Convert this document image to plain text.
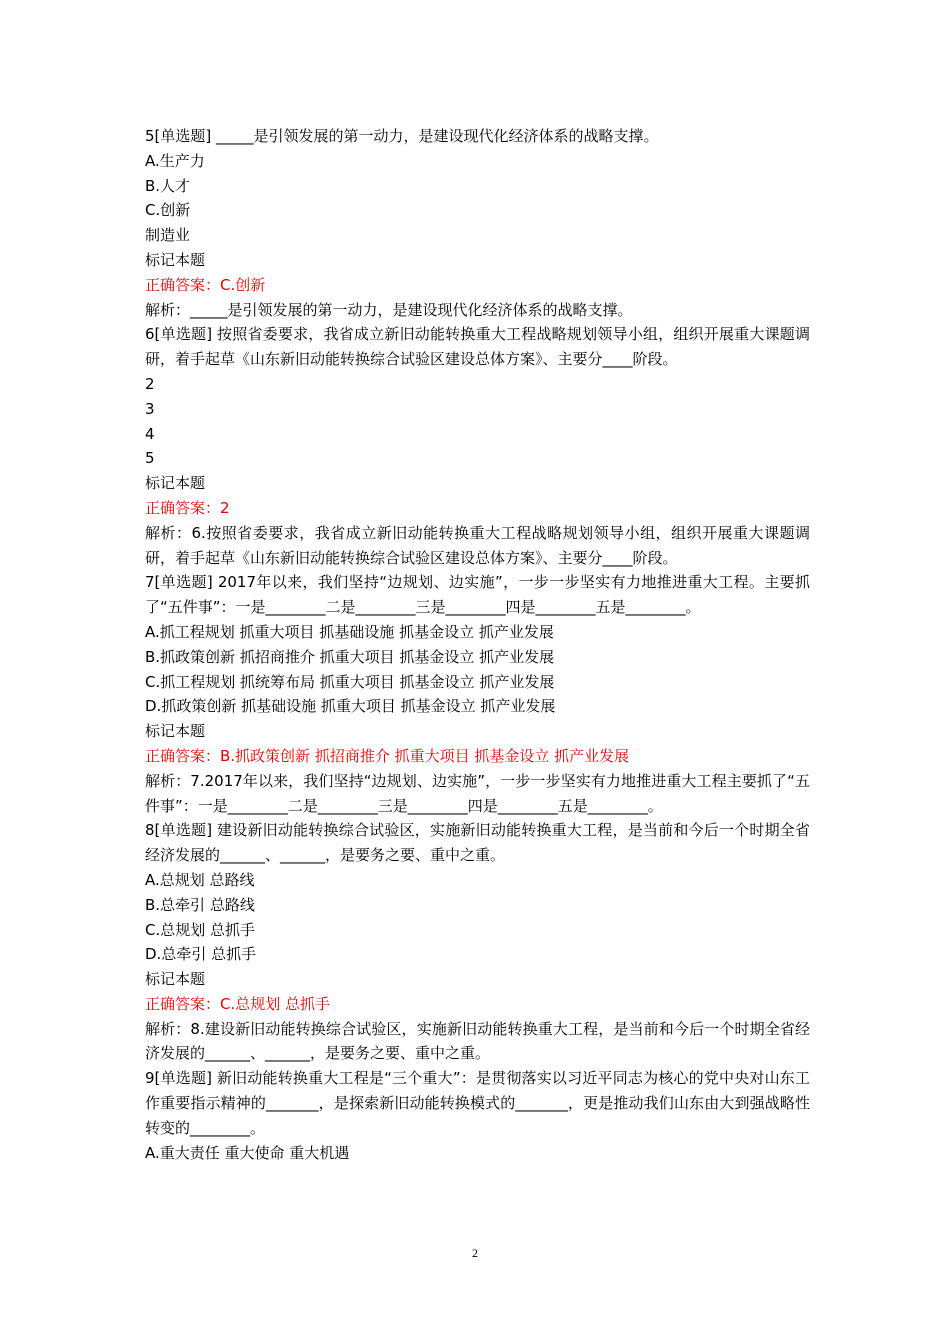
5[单选题] _____是引领发展的第一动力，是建设现代化经济体系的战略支撑。
A.生产力
B.人才
C.创新
制造业
标记本题
正确答案：C.创新
解析：_____是引领发展的第一动力，是建设现代化经济体系的战略支撑。
6[单选题] 按照省委要求，我省成立新旧动能转换重大工程战略规划领导小组，组织开展重大课题调研，着手起草《山东新旧动能转换综合试验区建设总体方案》、主要分____阶段。
2
3
4
5
标记本题
正确答案：2
解析：6.按照省委要求，我省成立新旧动能转换重大工程战略规划领导小组，组织开展重大课题调研，着手起草《山东新旧动能转换综合试验区建设总体方案》、主要分____阶段。
7[单选题] 2017年以来，我们坚持“边规划、边实施”，一步一步坚实有力地推进重大工程。主要抓了“五件事”：一是________二是________三是________四是________五是________。
A.抓工程规划 抓重大项目 抓基础设施 抓基金设立 抓产业发展
B.抓政策创新 抓招商推介 抓重大项目 抓基金设立 抓产业发展
C.抓工程规划 抓统筹布局 抓重大项目 抓基金设立 抓产业发展
D.抓政策创新 抓基础设施 抓重大项目 抓基金设立 抓产业发展
标记本题
正确答案：B.抓政策创新 抓招商推介 抓重大项目 抓基金设立 抓产业发展
解析：7.2017年以来，我们坚持“边规划、边实施”，一步一步坚实有力地推进重大工程主要抓了“五件事”：一是________二是________三是________四是________五是________。
8[单选题] 建设新旧动能转换综合试验区，实施新旧动能转换重大工程，是当前和今后一个时期全省经济发展的______、______，是要务之要、重中之重。
A.总规划 总路线
B.总牵引 总路线
C.总规划 总抓手
D.总牵引 总抓手
标记本题
正确答案：C.总规划 总抓手
解析：8.建设新旧动能转换综合试验区，实施新旧动能转换重大工程，是当前和今后一个时期全省经济发展的______、______，是要务之要、重中之重。
9[单选题] 新旧动能转换重大工程是“三个重大”：是贯彻落实以习近平同志为核心的党中央对山东工作重要指示精神的_______，是探索新旧动能转换模式的_______，更是推动我们山东由大到强战略性转变的________。
A.重大责任 重大使命 重大机遇
2
